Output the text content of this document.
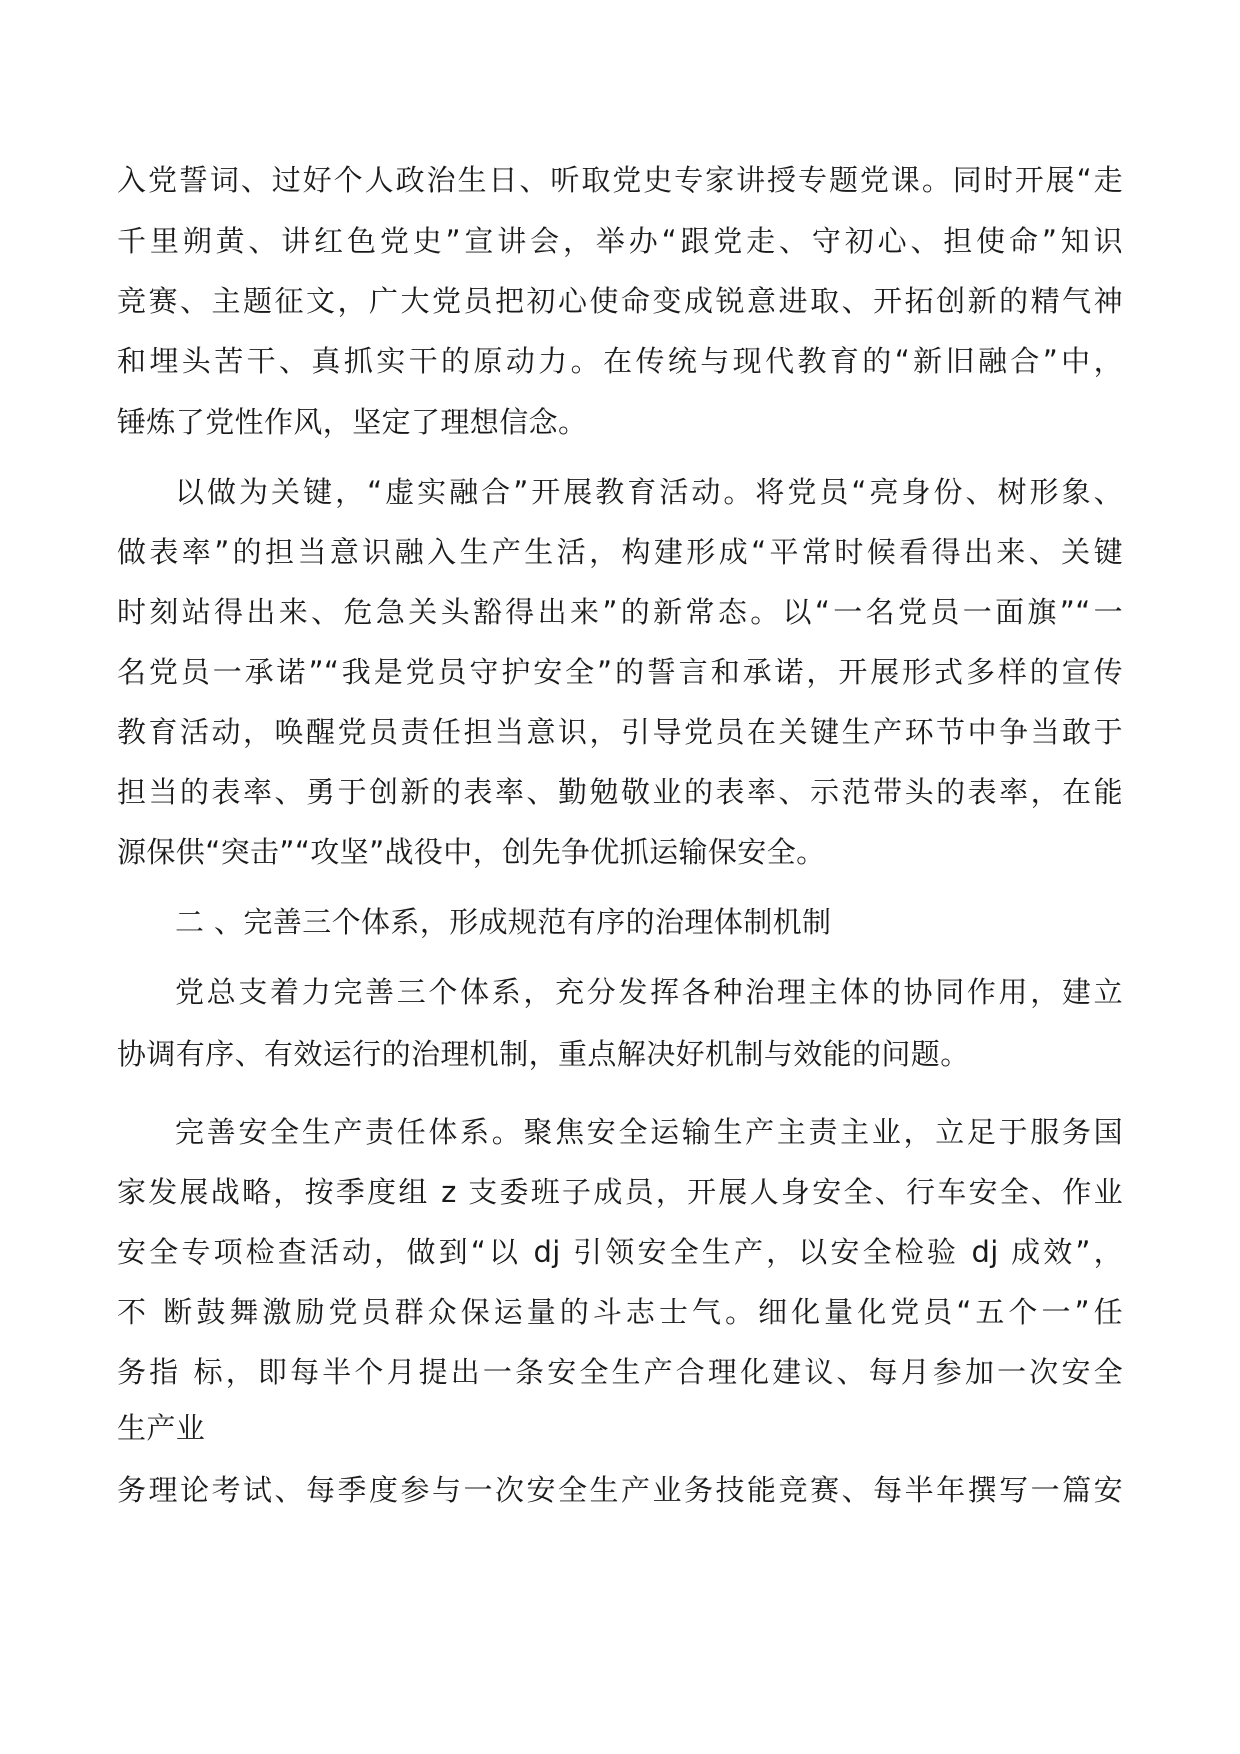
入党誓词、过好个人政治生日、听取党史专家讲授专题党课。同时开展“走
千里朔黄、讲红色党史”宣讲会，举办“跟党走、守初心、担使命”知识
竞赛、主题征文，广大党员把初心使命变成锐意进取、开拓创新的精气神
和埋头苦干、真抓实干的原动力。在传统与现代教育的“新旧融合”中，
锤炼了党性作风，坚定了理想信念。
以做为关键，“虚实融合”开展教育活动。将党员“亮身份、树形象、
做表率”的担当意识融入生产生活，构建形成“平常时候看得出来、关键
时刻站得出来、危急关头豁得出来”的新常态。以“一名党员一面旗”“一
名党员一承诺”“我是党员守护安全”的誓言和承诺，开展形式多样的宣传
教育活动，唤醒党员责任担当意识，引导党员在关键生产环节中争当敢于
担当的表率、勇于创新的表率、勤勉敬业的表率、示范带头的表率，在能
源保供“突击”“攻坚”战役中，创先争优抓运输保安全。
二 、完善三个体系，形成规范有序的治理体制机制
党总支着力完善三个体系，充分发挥各种治理主体的协同作用，建立
协调有序、有效运行的治理机制，重点解决好机制与效能的问题。
完善安全生产责任体系。聚焦安全运输生产主责主业，立足于服务国
家发展战略，按季度组 z 支委班子成员，开展人身安全、行车安全、作业
安全专项检查活动，做到“以 dj 引领安全生产，以安全检验 dj 成效”，
不 断鼓舞激励党员群众保运量的斗志士气。细化量化党员“五个一”任
务指 标，即每半个月提出一条安全生产合理化建议、每月参加一次安全
生产业
务理论考试、每季度参与一次安全生产业务技能竞赛、每半年撰写一篇安
